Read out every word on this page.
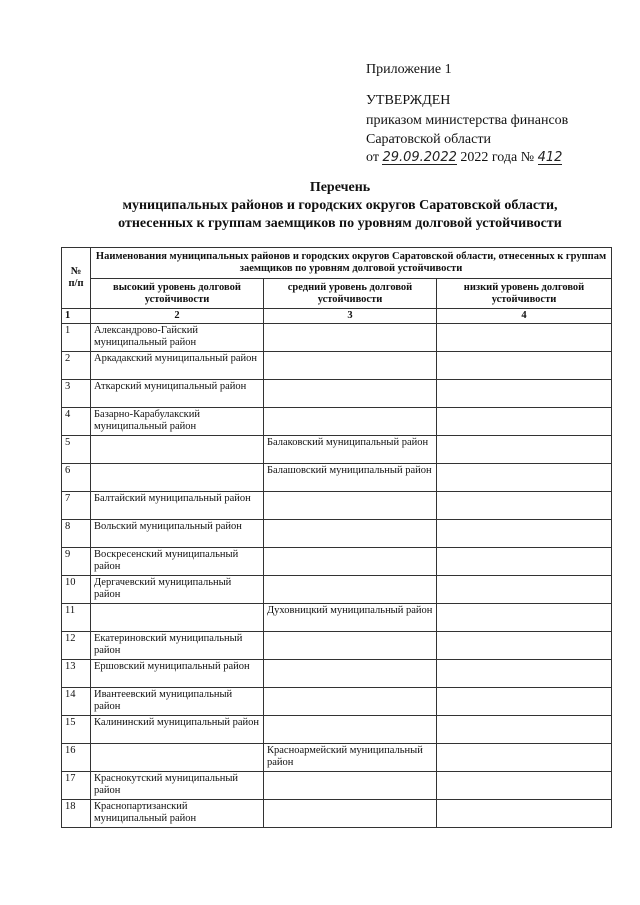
Приложение 1
УТВЕРЖДЕН
приказом министерства финансов
Саратовской области
от 29.09.2022 2022 года № 412
Перечень
муниципальных районов и городских округов Саратовской области,
отнесенных к группам заемщиков по уровням долговой устойчивости
№ п/п	Наименования муниципальных районов и городских округов Саратовской области, отнесенных к группам заемщиков по уровням долговой устойчивости		
	высокий уровень долговой устойчивости	средний уровень долговой устойчивости	низкий уровень долговой устойчивости
1	2	3	4
1	Александрово-Гайский муниципальный район		
2	Аркадакский муниципальный район		
3	Аткарский муниципальный район		
4	Базарно-Карабулакский муниципальный район		
5		Балаковский муниципальный район	
6		Балашовский муниципальный район	
7	Балтайский муниципальный район		
8	Вольский муниципальный район		
9	Воскресенский муниципальный район		
10	Дергачевский муниципальный район		
11		Духовницкий муниципальный район	
12	Екатериновский муниципальный район		
13	Ершовский муниципальный район		
14	Ивантеевский муниципальный район		
15	Калининский муниципальный район		
16		Красноармейский муниципальный район	
17	Краснокутский муниципальный район		
18	Краснопартизанский муниципальный район		
